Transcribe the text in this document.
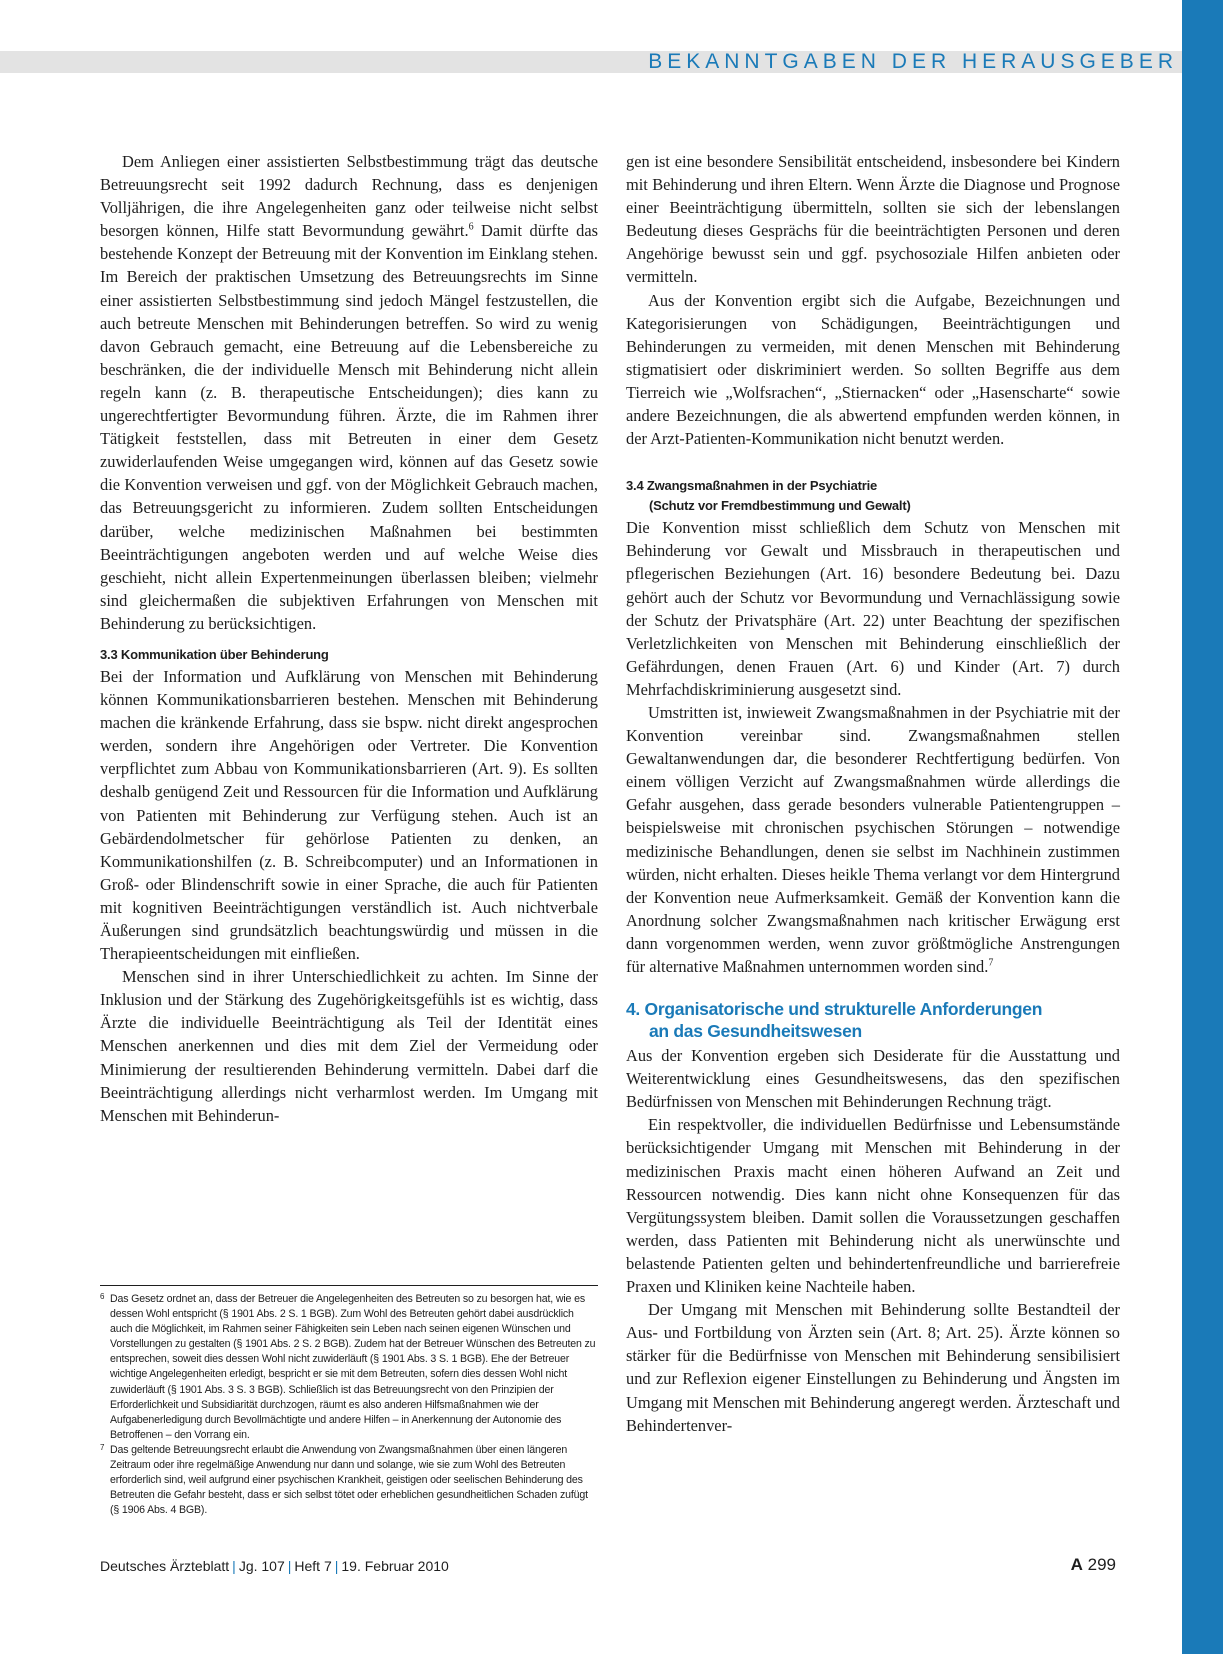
BEKANNTGABEN DER HERAUSGEBER

Dem Anliegen einer assistierten Selbstbestimmung trägt das deutsche Betreuungsrecht seit 1992 dadurch Rechnung, dass es denjenigen Volljährigen, die ihre Angelegenheiten ganz oder teilweise nicht selbst besorgen können, Hilfe statt Bevormundung gewährt.$^6$ Damit dürfte das bestehende Konzept der Betreuung mit der Konvention im Einklang stehen. Im Bereich der praktischen Umsetzung des Betreuungsrechts im Sinne einer assistierten Selbstbestimmung sind jedoch Mängel festzustellen, die auch betreute Menschen mit Behinderungen betreffen. So wird zu wenig davon Gebrauch gemacht, eine Betreuung auf die Lebensbereiche zu beschränken, die der individuelle Mensch mit Behinderung nicht allein regeln kann (z. B. therapeutische Entscheidungen); dies kann zu ungerechtfertigter Bevormundung führen. Ärzte, die im Rahmen ihrer Tätigkeit feststellen, dass mit Betreuten in einer dem Gesetz zuwiderlaufenden Weise umgegangen wird, können auf das Gesetz sowie die Konvention verweisen und ggf. von der Möglichkeit Gebrauch machen, das Betreuungsgericht zu informieren. Zudem sollten Entscheidungen darüber, welche medizinischen Maßnahmen bei bestimmten Beeinträchtigungen angeboten werden und auf welche Weise dies geschieht, nicht allein Expertenmeinungen überlassen bleiben; vielmehr sind gleichermaßen die subjektiven Erfahrungen von Menschen mit Behinderung zu berücksichtigen.

3.3 Kommunikation über Behinderung

Bei der Information und Aufklärung von Menschen mit Behinderung können Kommunikationsbarrieren bestehen. Menschen mit Behinderung machen die kränkende Erfahrung, dass sie bspw. nicht direkt angesprochen werden, sondern ihre Angehörigen oder Vertreter. Die Konvention verpflichtet zum Abbau von Kommunikationsbarrieren (Art. 9). Es sollten deshalb genügend Zeit und Ressourcen für die Information und Aufklärung von Patienten mit Behinderung zur Verfügung stehen. Auch ist an Gebärdendolmetscher für gehörlose Patienten zu denken, an Kommunikationshilfen (z. B. Schreibcomputer) und an Informationen in Groß- oder Blindenschrift sowie in einer Sprache, die auch für Patienten mit kognitiven Beeinträchtigungen verständlich ist. Auch nichtverbale Äußerungen sind grundsätzlich beachtungswürdig und müssen in die Therapieentscheidungen mit einfließen.

Menschen sind in ihrer Unterschiedlichkeit zu achten. Im Sinne der Inklusion und der Stärkung des Zugehörigkeitsgefühls ist es wichtig, dass Ärzte die individuelle Beeinträchtigung als Teil der Identität eines Menschen anerkennen und dies mit dem Ziel der Vermeidung oder Minimierung der resultierenden Behinderung vermitteln. Dabei darf die Beeinträchtigung allerdings nicht verharmlost werden. Im Umgang mit Menschen mit Behinderun-

gen ist eine besondere Sensibilität entscheidend, insbesondere bei Kindern mit Behinderung und ihren Eltern. Wenn Ärzte die Diagnose und Prognose einer Beeinträchtigung übermitteln, sollten sie sich der lebenslangen Bedeutung dieses Gesprächs für die beeinträchtigten Personen und deren Angehörige bewusst sein und ggf. psychosoziale Hilfen anbieten oder vermitteln.

Aus der Konvention ergibt sich die Aufgabe, Bezeichnungen und Kategorisierungen von Schädigungen, Beeinträchtigungen und Behinderungen zu vermeiden, mit denen Menschen mit Behinderung stigmatisiert oder diskriminiert werden. So sollten Begriffe aus dem Tierreich wie „Wolfsrachen“, „Stiernacken“ oder „Hasenscharte“ sowie andere Bezeichnungen, die als abwertend empfunden werden können, in der Arzt-Patienten-Kommunikation nicht benutzt werden.

3.4 Zwangsmaßnahmen in der Psychiatrie
(Schutz vor Fremdbestimmung und Gewalt)

Die Konvention misst schließlich dem Schutz von Menschen mit Behinderung vor Gewalt und Missbrauch in therapeutischen und pflegerischen Beziehungen (Art. 16) besondere Bedeutung bei. Dazu gehört auch der Schutz vor Bevormundung und Vernachlässigung sowie der Schutz der Privatsphäre (Art. 22) unter Beachtung der spezifischen Verletzlichkeiten von Menschen mit Behinderung einschließlich der Gefährdungen, denen Frauen (Art. 6) und Kinder (Art. 7) durch Mehrfachdiskriminierung ausgesetzt sind.

Umstritten ist, inwieweit Zwangsmaßnahmen in der Psychiatrie mit der Konvention vereinbar sind. Zwangsmaßnahmen stellen Gewaltanwendungen dar, die besonderer Rechtfertigung bedürfen. Von einem völligen Verzicht auf Zwangsmaßnahmen würde allerdings die Gefahr ausgehen, dass gerade besonders vulnerable Patientengruppen – beispielsweise mit chronischen psychischen Störungen – notwendige medizinische Behandlungen, denen sie selbst im Nachhinein zustimmen würden, nicht erhalten. Dieses heikle Thema verlangt vor dem Hintergrund der Konvention neue Aufmerksamkeit. Gemäß der Konvention kann die Anordnung solcher Zwangsmaßnahmen nach kritischer Erwägung erst dann vorgenommen werden, wenn zuvor größtmögliche Anstrengungen für alternative Maßnahmen unternommen worden sind.$^7$

4. Organisatorische und strukturelle Anforderungen
an das Gesundheitswesen

Aus der Konvention ergeben sich Desiderate für die Ausstattung und Weiterentwicklung eines Gesundheitswesens, das den spezifischen Bedürfnissen von Menschen mit Behinderungen Rechnung trägt.

Ein respektvoller, die individuellen Bedürfnisse und Lebensumstände berücksichtigender Umgang mit Menschen mit Behinderung in der medizinischen Praxis macht einen höheren Aufwand an Zeit und Ressourcen notwendig. Dies kann nicht ohne Konsequenzen für das Vergütungssystem bleiben. Damit sollen die Voraussetzungen geschaffen werden, dass Patienten mit Behinderung nicht als unerwünschte und belastende Patienten gelten und behindertenfreundliche und barrierefreie Praxen und Kliniken keine Nachteile haben.

Der Umgang mit Menschen mit Behinderung sollte Bestandteil der Aus- und Fortbildung von Ärzten sein (Art. 8; Art. 25). Ärzte können so stärker für die Bedürfnisse von Menschen mit Behinderung sensibilisiert und zur Reflexion eigener Einstellungen zu Behinderung und Ängsten im Umgang mit Menschen mit Behinderung angeregt werden. Ärzteschaft und Behindertenver-

6 Das Gesetz ordnet an, dass der Betreuer die Angelegenheiten des Betreuten so zu besorgen hat, wie es dessen Wohl entspricht (§ 1901 Abs. 2 S. 1 BGB). Zum Wohl des Betreuten gehört dabei ausdrücklich auch die Möglichkeit, im Rahmen seiner Fähigkeiten sein Leben nach seinen eigenen Wünschen und Vorstellungen zu gestalten (§ 1901 Abs. 2 S. 2 BGB). Zudem hat der Betreuer Wünschen des Betreuten zu entsprechen, soweit dies dessen Wohl nicht zuwiderläuft (§ 1901 Abs. 3 S. 1 BGB). Ehe der Betreuer wichtige Angelegenheiten erledigt, bespricht er sie mit dem Betreuten, sofern dies dessen Wohl nicht zuwiderläuft (§ 1901 Abs. 3 S. 3 BGB). Schließlich ist das Betreuungsrecht von den Prinzipien der Erforderlichkeit und Subsidiarität durchzogen, räumt es also anderen Hilfsmaßnahmen wie der Aufgabenerledigung durch Bevollmächtigte und andere Hilfen – in Anerkennung der Autonomie des Betroffenen – den Vorrang ein.

7 Das geltende Betreuungsrecht erlaubt die Anwendung von Zwangsmaßnahmen über einen längeren Zeitraum oder ihre regelmäßige Anwendung nur dann und solange, wie sie zum Wohl des Betreuten erforderlich sind, weil aufgrund einer psychischen Krankheit, geistigen oder seelischen Behinderung des Betreuten die Gefahr besteht, dass er sich selbst tötet oder erheblichen gesundheitlichen Schaden zufügt (§ 1906 Abs. 4 BGB).

Deutsches Ärzteblatt | Jg. 107 | Heft 7 | 19. Februar 2010	A 299
